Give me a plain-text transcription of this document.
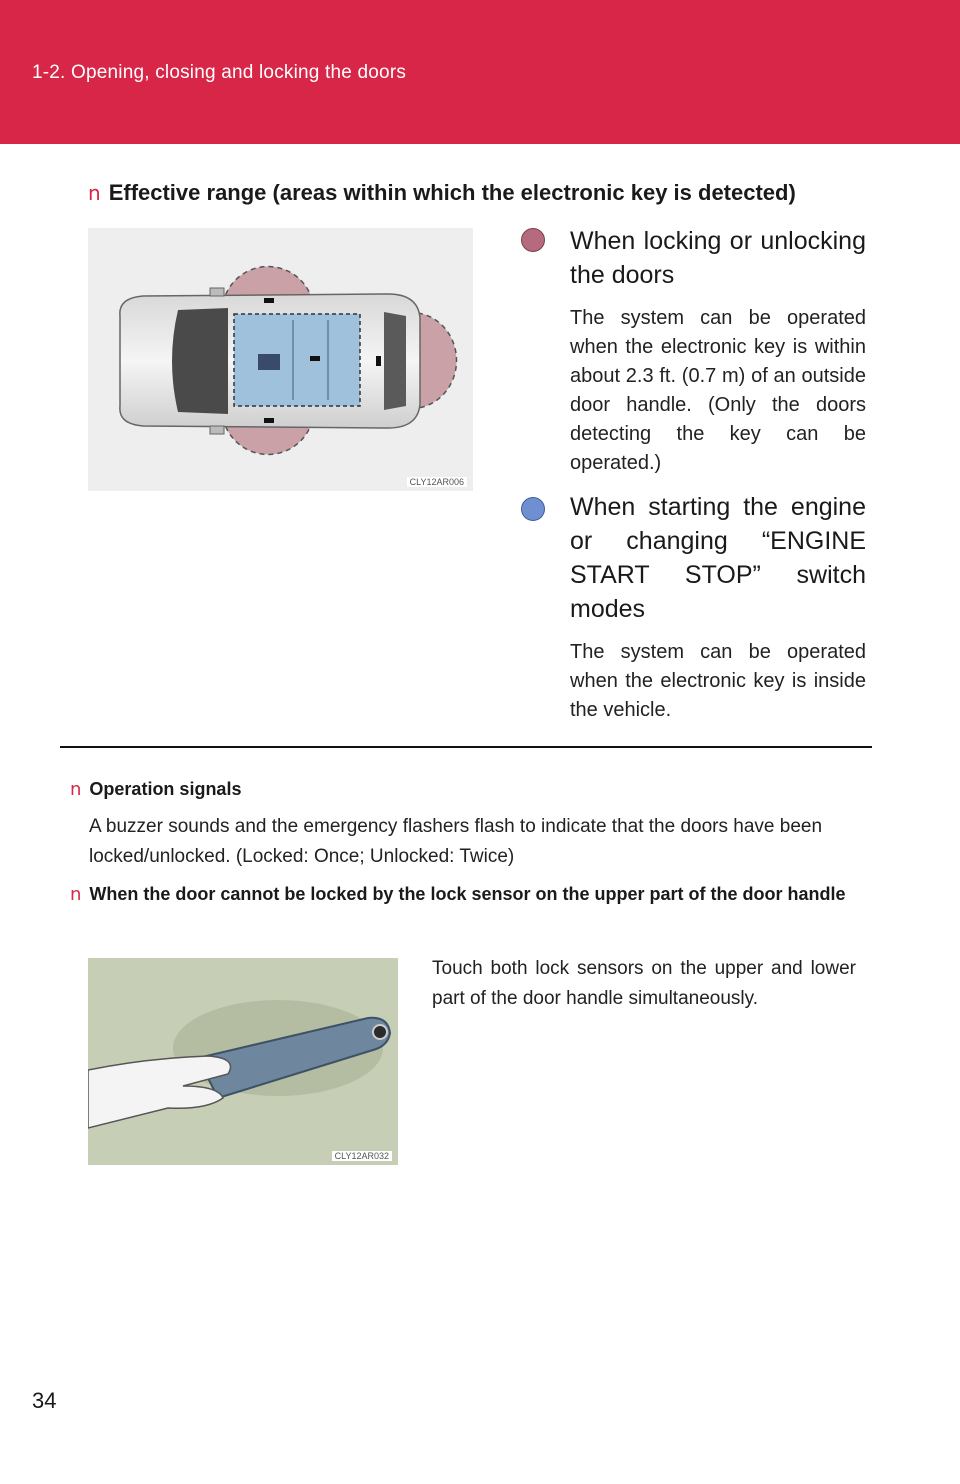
1-2. Opening, closing and locking the doors
n Effective range (areas within which the electronic key is detected)
CLY12AR006
When locking or unlocking the doors
The system can be operated when the electronic key is within about 2.3 ft. (0.7 m) of an outside door handle. (Only the doors detecting the key can be operated.)
When starting the engine or changing “ENGINE START STOP” switch modes
The system can be operated when the electronic key is inside the vehicle.
n Operation signals
A buzzer sounds and the emergency flashers flash to indicate that the doors have been locked/unlocked. (Locked: Once; Unlocked: Twice)
n When the door cannot be locked by the lock sensor on the upper part of the door handle
CLY12AR032
Touch both lock sensors on the upper and lower part of the door handle simultaneously.
34
